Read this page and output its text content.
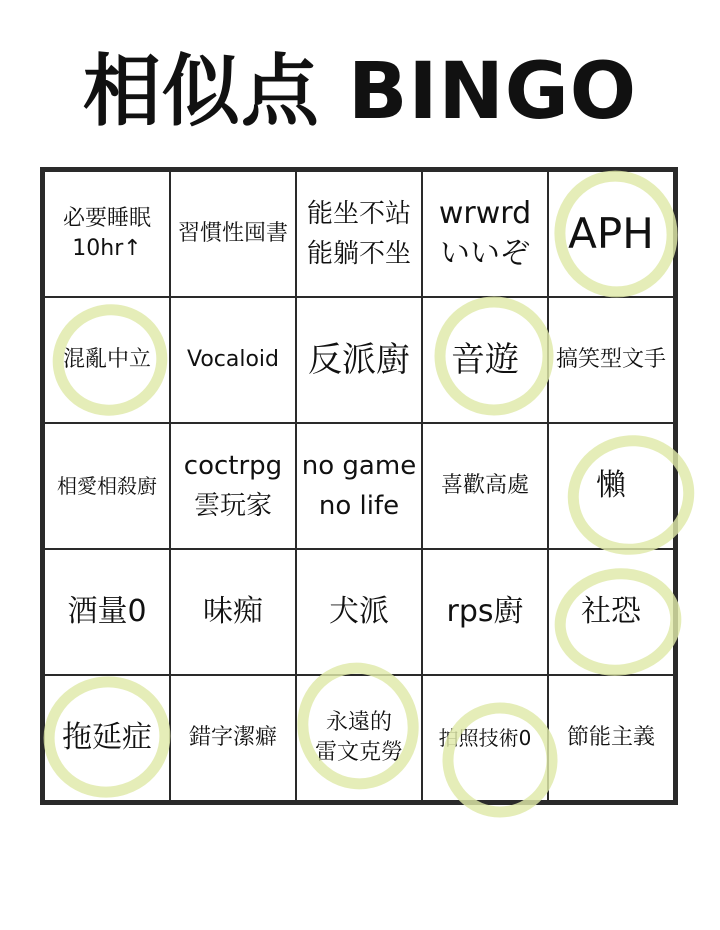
相似点 BINGO
必要睡眠
10hr↑
習慣性囤書
能坐不站
能躺不坐
wrwrd
いいぞ APH
混亂中立 Vocaloid 反派廚 音遊 搞笑型文手
相愛相殺廚
coctrpg
雲玩家
no game
no life
喜歡高處 懶
酒量0 味痴 犬派 rps廚 社恐
拖延症 錯字潔癖
永遠的
雷文克勞
拍照技術0 節能主義
